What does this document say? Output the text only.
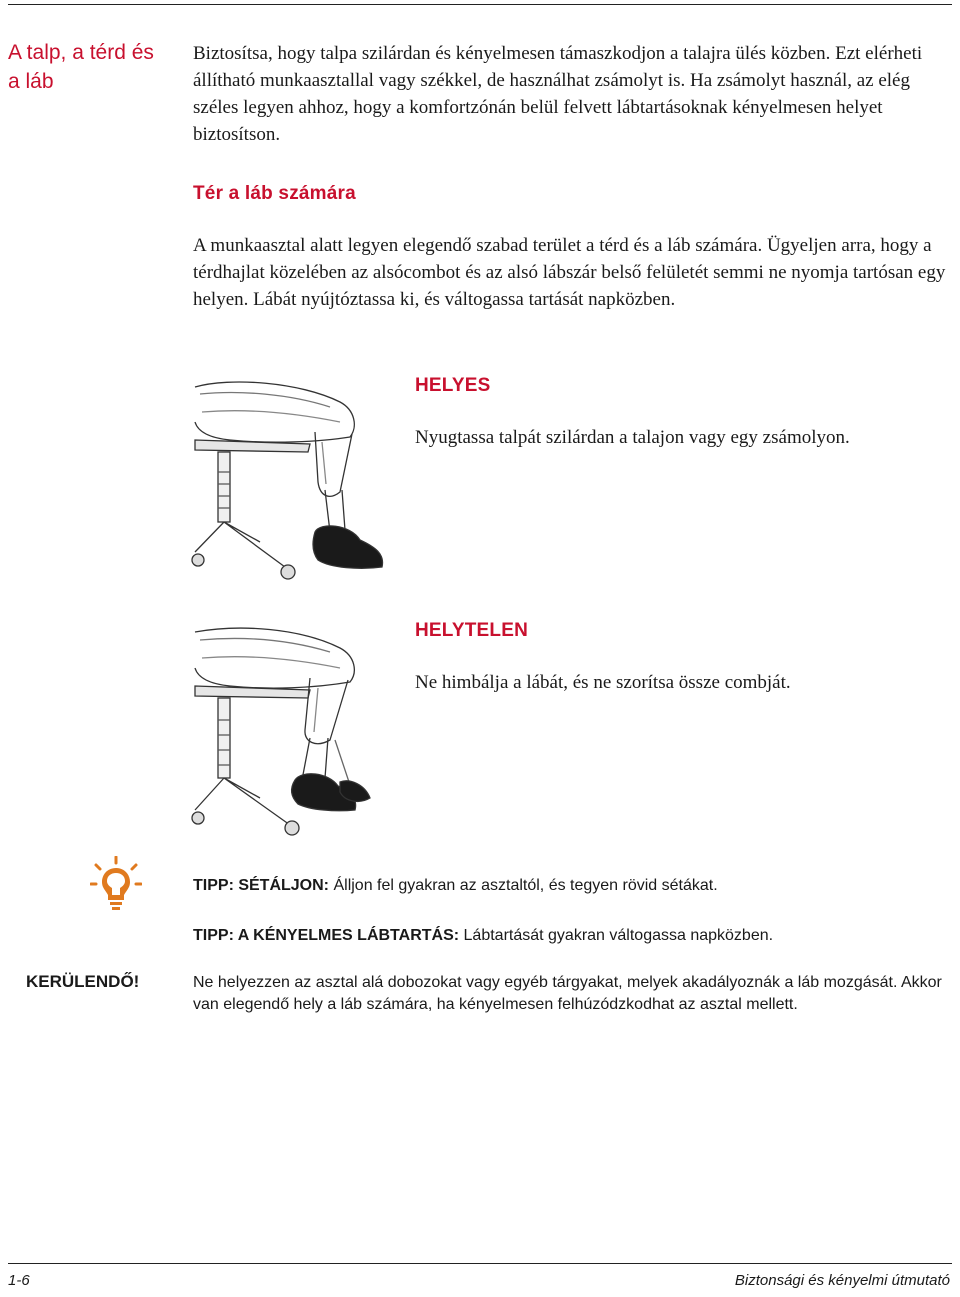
A talp, a térd és a láb
Biztosítsa, hogy talpa szilárdan és kényelmesen támaszkodjon a talajra ülés közben. Ezt elérheti állítható munkaasztallal vagy székkel, de használhat zsámolyt is. Ha zsámolyt használ, az elég széles legyen ahhoz, hogy a komfortzónán belül felvett lábtartásoknak kényelmesen helyet biztosítson.
Tér a láb számára
A munkaasztal alatt legyen elegendő szabad terület a térd és a láb számára. Ügyeljen arra, hogy a térdhajlat közelében az alsócombot és az alsó lábszár belső felületét semmi ne nyomja tartósan egy helyen. Lábát nyújtóztassa ki, és váltogassa tartását napközben.
HELYES
Nyugtassa talpát szilárdan a talajon vagy egy zsámolyon.
HELYTELEN
Ne himbálja a lábát, és ne szorítsa össze combját.
TIPP: SÉTÁLJON: Álljon fel gyakran az asztaltól, és tegyen rövid sétákat.
TIPP: A KÉNYELMES LÁBTARTÁS: Lábtartását gyakran váltogassa napközben.
KERÜLENDŐ!	Ne helyezzen az asztal alá dobozokat vagy egyéb tárgyakat, melyek akadályoznák a láb mozgását. Akkor van elegendő hely a láb számára, ha kényelmesen felhúzódzkodhat az asztal mellett.
1-6	Biztonsági és kényelmi útmutató
